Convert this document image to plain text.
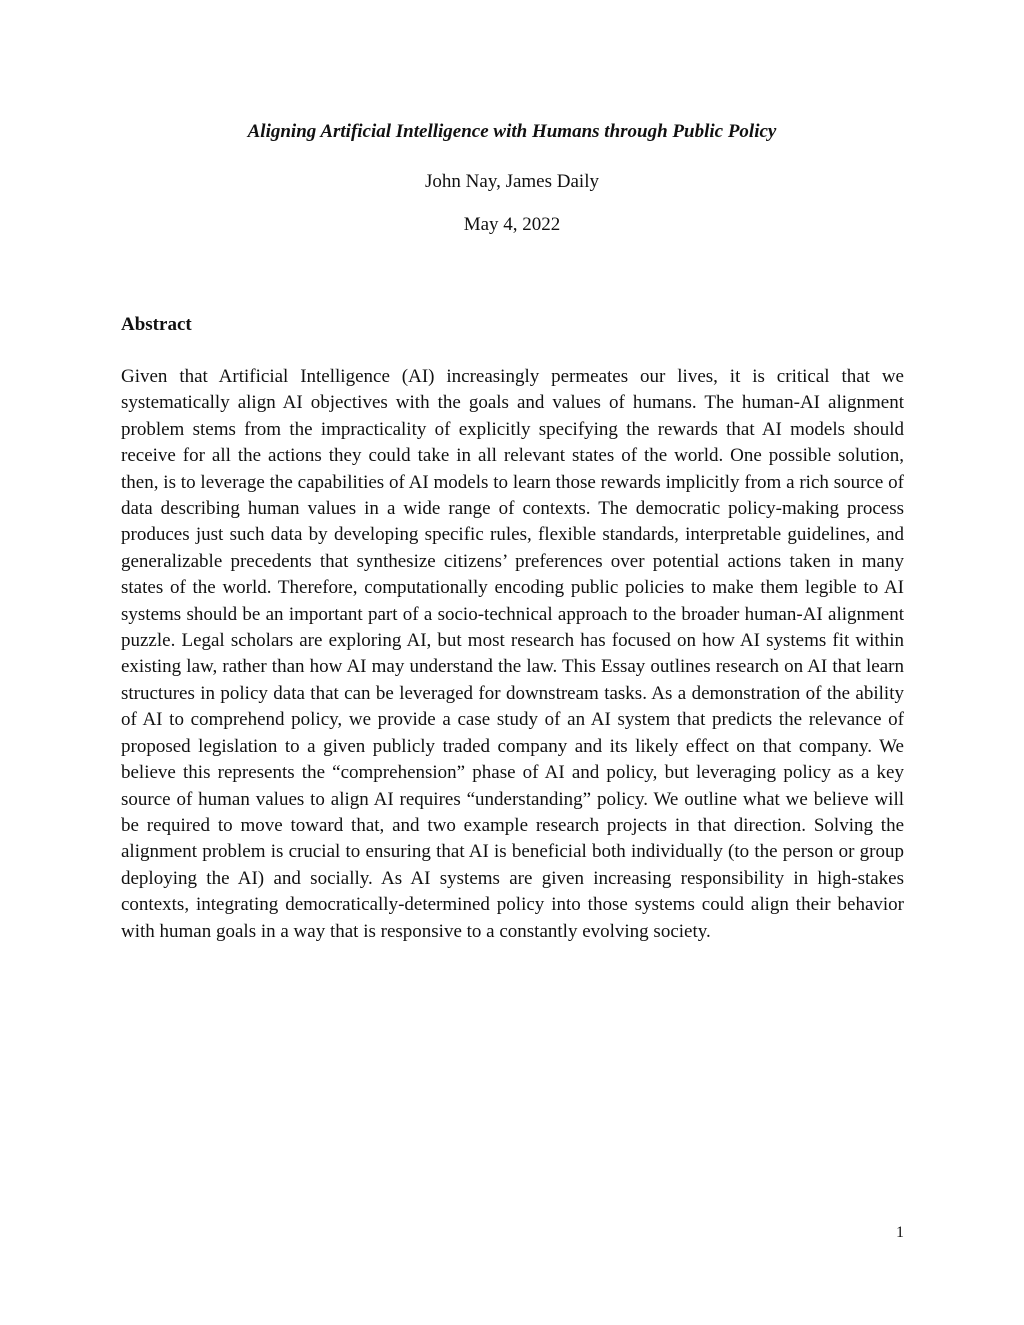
Aligning Artificial Intelligence with Humans through Public Policy

John Nay, James Daily

May 4, 2022

Abstract

Given that Artificial Intelligence (AI) increasingly permeates our lives, it is critical that we systematically align AI objectives with the goals and values of humans. The human-AI alignment problem stems from the impracticality of explicitly specifying the rewards that AI models should receive for all the actions they could take in all relevant states of the world. One possible solution, then, is to leverage the capabilities of AI models to learn those rewards implicitly from a rich source of data describing human values in a wide range of contexts. The democratic policy-making process produces just such data by developing specific rules, flexible standards, interpretable guidelines, and generalizable precedents that synthesize citizens’ preferences over potential actions taken in many states of the world. Therefore, computationally encoding public policies to make them legible to AI systems should be an important part of a socio-technical approach to the broader human-AI alignment puzzle. Legal scholars are exploring AI, but most research has focused on how AI systems fit within existing law, rather than how AI may understand the law. This Essay outlines research on AI that learn structures in policy data that can be leveraged for downstream tasks. As a demonstration of the ability of AI to comprehend policy, we provide a case study of an AI system that predicts the relevance of proposed legislation to a given publicly traded company and its likely effect on that company. We believe this represents the “comprehension” phase of AI and policy, but leveraging policy as a key source of human values to align AI requires “understanding” policy. We outline what we believe will be required to move toward that, and two example research projects in that direction. Solving the alignment problem is crucial to ensuring that AI is beneficial both individually (to the person or group deploying the AI) and socially. As AI systems are given increasing responsibility in high-stakes contexts, integrating democratically-determined policy into those systems could align their behavior with human goals in a way that is responsive to a constantly evolving society.

1
